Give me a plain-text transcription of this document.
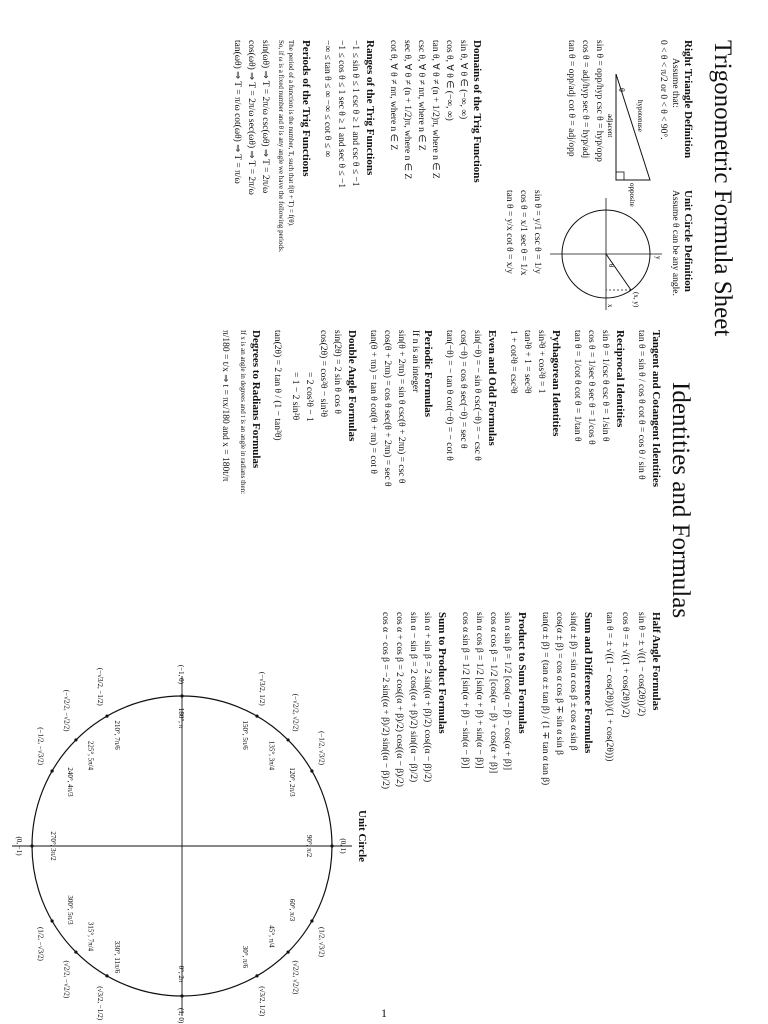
Trigonometric Formula Sheet
Identities and Formulas
Right Triangle Definition
Assume that:
0 < θ < π/2 or 0 < θ < 90°.
θ
hypotenuse
adjacent
opposite
sin θ = opp/hyp csc θ = hyp/opp
cos θ = adj/hyp sec θ = hyp/adj
tan θ = opp/adj cot θ = adj/opp
Unit Circle Definition
Assume θ can be any angle.
(x, y)
θ
x
y
sin θ = y/1 csc θ = 1/y
cos θ = x/1 sec θ = 1/x
tan θ = y/x cot θ = x/y
Domains of the Trig Functions
sin θ, ∀ θ ∈ (−∞, ∞)
cos θ, ∀ θ ∈ (−∞, ∞)
tan θ, ∀ θ ≠ (n + 1/2)π, where n ∈ Z
csc θ, ∀ θ ≠ nπ, where n ∈ Z
sec θ, ∀ θ ≠ (n + 1/2)π, where n ∈ Z
cot θ, ∀ θ ≠ nπ, where n ∈ Z
Ranges of the Trig Functions
−1 ≤ sin θ ≤ 1 csc θ ≥ 1 and csc θ ≤ −1
−1 ≤ cos θ ≤ 1 sec θ ≥ 1 and sec θ ≤ −1
−∞ ≤ tan θ ≤ ∞ −∞ ≤ cot θ ≤ ∞
Periods of the Trig Functions
The period of a function is the number, T, such that f(θ + T) = f(θ).
So, if ω is a fixed number and θ is any angle we have the following periods.
sin(ωθ) ⇒ T = 2π/ω csc(ωθ) ⇒ T = 2π/ω
cos(ωθ) ⇒ T = 2π/ω sec(ωθ) ⇒ T = 2π/ω
tan(ωθ) ⇒ T = π/ω cot(ωθ) ⇒ T = π/ω
Tangent and Cotangent Identities
tan θ = sin θ / cos θ cot θ = cos θ / sin θ
Reciprocal Identities
sin θ = 1/csc θ csc θ = 1/sin θ
cos θ = 1/sec θ sec θ = 1/cos θ
tan θ = 1/cot θ cot θ = 1/tan θ
Pythagorean Identities
sin²θ + cos²θ = 1
tan²θ + 1 = sec²θ
1 + cot²θ = csc²θ
Even and Odd Formulas
sin(−θ) = − sin θ csc(−θ) = − csc θ
cos(−θ) = cos θ sec(−θ) = sec θ
tan(−θ) = − tan θ cot(−θ) = − cot θ
Periodic Formulas
If n is an integer
sin(θ + 2πn) = sin θ csc(θ + 2πn) = csc θ
cos(θ + 2πn) = cos θ sec(θ + 2πn) = sec θ
tan(θ + πn) = tan θ cot(θ + πn) = cot θ
Double Angle Formulas
sin(2θ) = 2 sin θ cos θ
cos(2θ) = cos²θ − sin²θ
= 2 cos²θ − 1
= 1 − 2 sin²θ
tan(2θ) = 2 tan θ / (1 − tan²θ)
Degrees to Radians Formulas
If x is an angle in degrees and t is an angle in radians then:
π/180 = t/x ⇒ t = πx/180 and x = 180t/π
Half Angle Formulas
sin θ = ± √((1 − cos(2θ))/2)
cos θ = ± √((1 + cos(2θ))/2)
tan θ = ± √((1 − cos(2θ))/(1 + cos(2θ)))
Sum and Difference Formulas
sin(α ± β) = sin α cos β ± cos α sin β
cos(α ± β) = cos α cos β ∓ sin α sin β
tan(α ± β) = (tan α ± tan β) / (1 ∓ tan α tan β)
Product to Sum Formulas
sin α sin β = 1/2 [cos(α − β) − cos(α + β)]
cos α cos β = 1/2 [cos(α − β) + cos(α + β)]
sin α cos β = 1/2 [sin(α + β) + sin(α − β)]
cos α sin β = 1/2 [sin(α + β) − sin(α − β)]
Sum to Product Formulas
sin α + sin β = 2 sin((α + β)/2) cos((α − β)/2)
sin α − sin β = 2 cos((α + β)/2) sin((α − β)/2)
cos α + cos β = 2 cos((α + β)/2) cos((α − β)/2)
cos α − cos β = −2 sin((α + β)/2) sin((α − β)/2)
Unit Circle
0°, 2π
(1, 0)
30°, π/6
(√3/2, 1/2)
45°, π/4
(√2/2, √2/2)
60°, π/3
(1/2, √3/2)
90°, π/2	(0, 1)
120°, 2π/3
(−1/2, √3/2)
135°, 3π/4
(−√2/2, √2/2)
150°, 5π/6
(−√3/2, 1/2)
180°, π
(−1, 0)
210°, 7π/6
(−√3/2, −1/2)
225°, 5π/4
(−√2/2, −√2/2)
240°, 4π/3
(−1/2, −√3/2)
270°, 3π/2
(0, −1)
300°, 5π/3
(1/2, −√3/2)	315°, 7π/4
(√2/2, −√2/2)
330°, 11π/6
(√3/2, −1/2)	1
